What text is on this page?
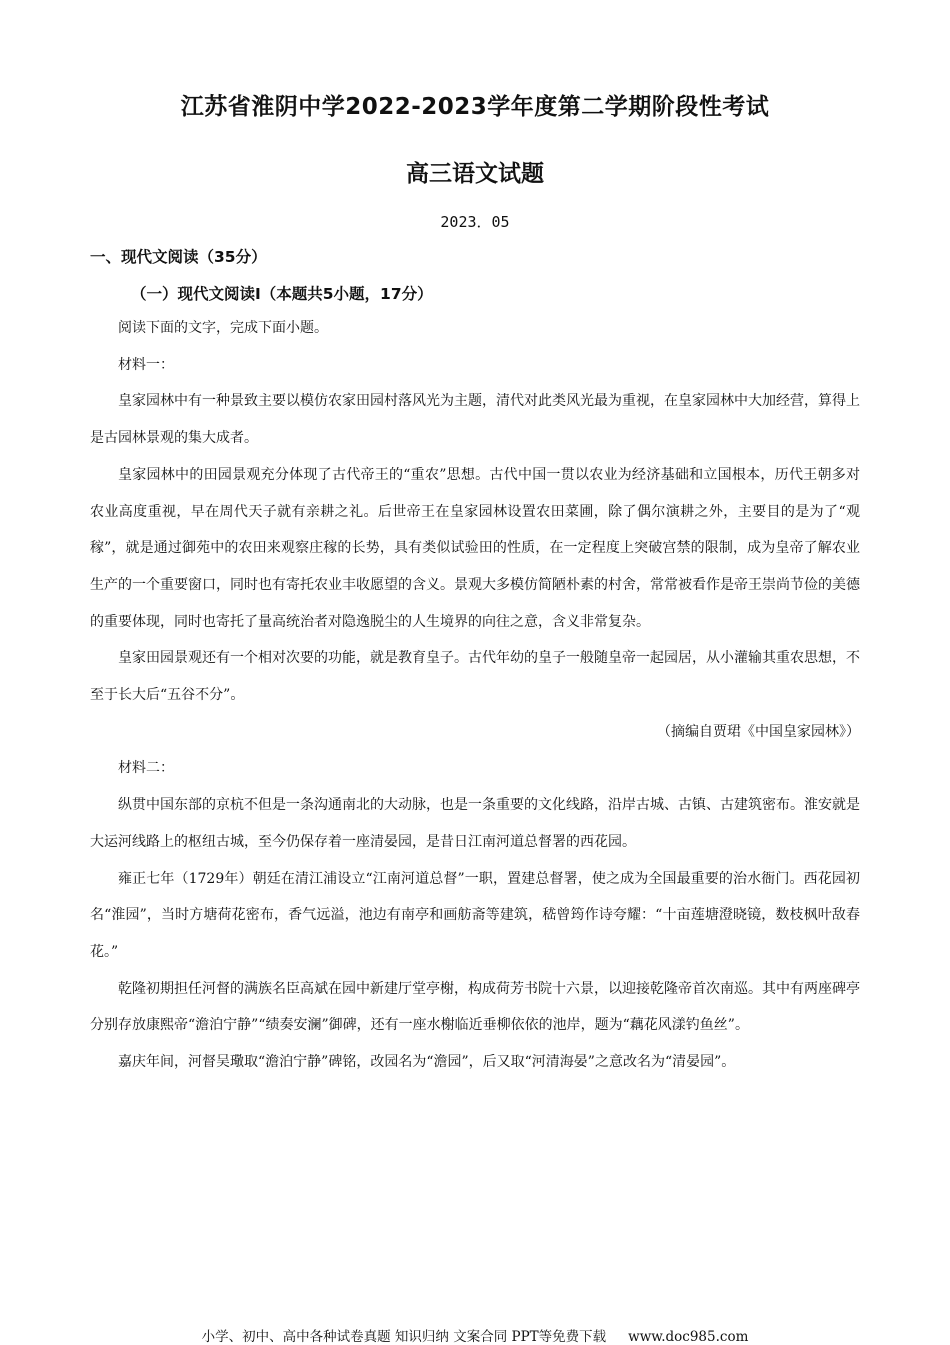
江苏省淮阴中学2022-2023学年度第二学期阶段性考试
高三语文试题
2023．05
一、现代文阅读（35分）
（一）现代文阅读Ⅰ（本题共5小题，17分）

阅读下面的文字，完成下面小题。

材料一：

皇家园林中有一种景致主要以模仿农家田园村落风光为主题，清代对此类风光最为重视，在皇家园林中大加经营，算得上是古园林景观的集大成者。

皇家园林中的田园景观充分体现了古代帝王的“重农”思想。古代中国一贯以农业为经济基础和立国根本，历代王朝多对农业高度重视，早在周代天子就有亲耕之礼。后世帝王在皇家园林设置农田菜圃，除了偶尔演耕之外，主要目的是为了“观稼”，就是通过御苑中的农田来观察庄稼的长势，具有类似试验田的性质，在一定程度上突破宫禁的限制，成为皇帝了解农业生产的一个重要窗口，同时也有寄托农业丰收愿望的含义。景观大多模仿简陋朴素的村舍，常常被看作是帝王崇尚节俭的美德的重要体现，同时也寄托了量高统治者对隐逸脱尘的人生境界的向往之意，含义非常复杂。

皇家田园景观还有一个相对次要的功能，就是教育皇子。古代年幼的皇子一般随皇帝一起园居，从小灌输其重农思想，不至于长大后“五谷不分”。

（摘编自贾珺《中国皇家园林》）

材料二：

纵贯中国东部的京杭不但是一条沟通南北的大动脉，也是一条重要的文化线路，沿岸古城、古镇、古建筑密布。淮安就是大运河线路上的枢纽古城，至今仍保存着一座清晏园，是昔日江南河道总督署的西花园。

雍正七年（1729年）朝廷在清江浦设立“江南河道总督”一职，置建总督署，使之成为全国最重要的治水衙门。西花园初名“淮园”，当时方塘荷花密布，香气远溢，池边有南亭和画舫斋等建筑，嵇曾筠作诗夸耀：“十亩莲塘澄晓镜，数枝枫叶敌春花。”

乾隆初期担任河督的满族名臣高斌在园中新建厅堂亭榭，构成荷芳书院十六景，以迎接乾隆帝首次南巡。其中有两座碑亭分别存放康熙帝“澹泊宁静”“绩奏安澜”御碑，还有一座水榭临近垂柳依依的池岸，题为“藕花风漾钓鱼丝”。

嘉庆年间，河督吴璥取“澹泊宁静”碑铭，改园名为“澹园”，后又取“河清海晏”之意改名为“清晏园”。

小学、初中、高中各种试卷真题 知识归纳 文案合同 PPT等免费下载 www.doc985.com
